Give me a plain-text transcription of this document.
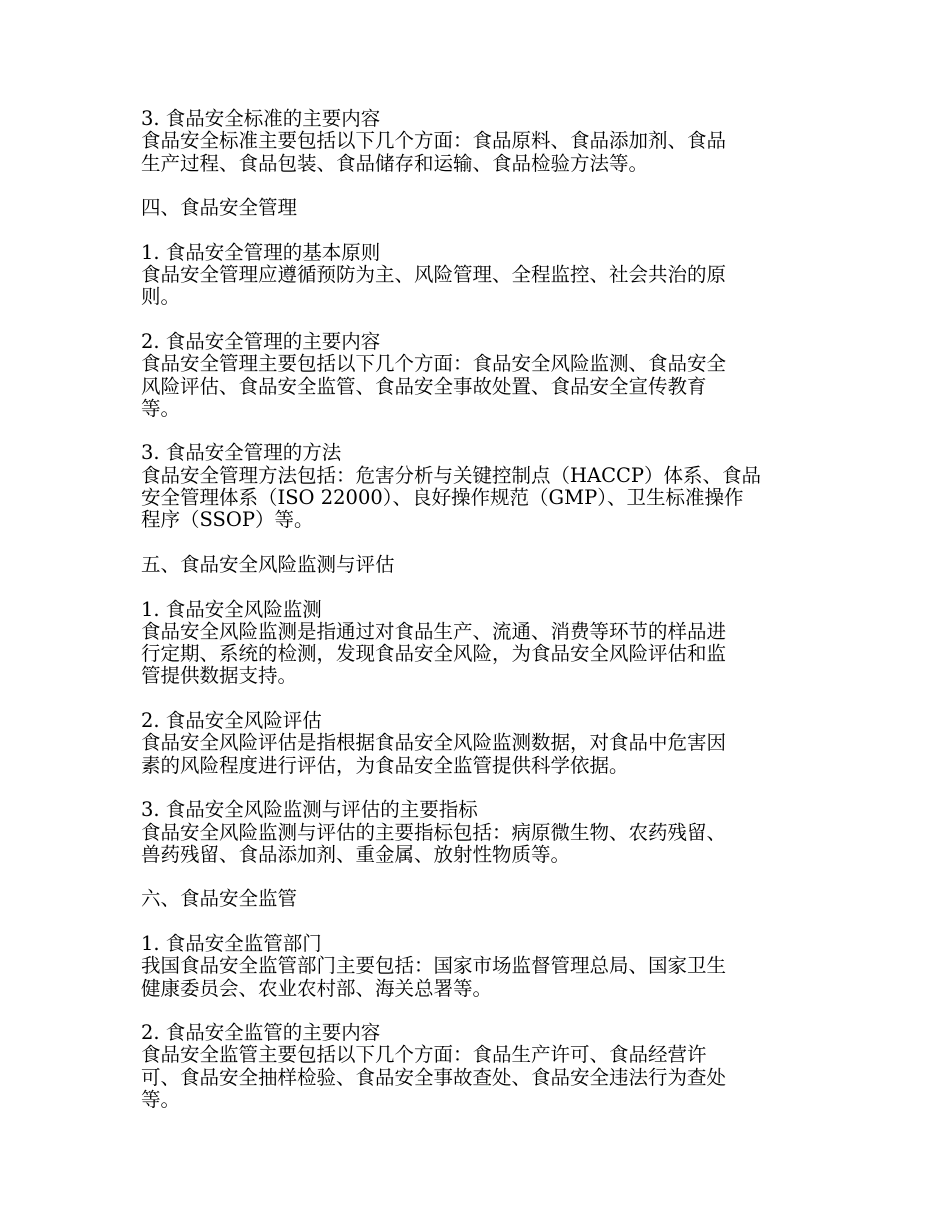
3. 食品安全标准的主要内容

食品安全标准主要包括以下几个方面：食品原料、食品添加剂、食品
生产过程、食品包装、食品储存和运输、食品检验方法等。

四、食品安全管理

1. 食品安全管理的基本原则

食品安全管理应遵循预防为主、风险管理、全程监控、社会共治的原
则。

2. 食品安全管理的主要内容

食品安全管理主要包括以下几个方面：食品安全风险监测、食品安全
风险评估、食品安全监管、食品安全事故处置、食品安全宣传教育
等。

3. 食品安全管理的方法

食品安全管理方法包括：危害分析与关键控制点（HACCP）体系、食品
安全管理体系（ISO 22000）、良好操作规范（GMP）、卫生标准操作
程序（SSOP）等。

五、食品安全风险监测与评估

1. 食品安全风险监测

食品安全风险监测是指通过对食品生产、流通、消费等环节的样品进
行定期、系统的检测，发现食品安全风险，为食品安全风险评估和监
管提供数据支持。

2. 食品安全风险评估

食品安全风险评估是指根据食品安全风险监测数据，对食品中危害因
素的风险程度进行评估，为食品安全监管提供科学依据。

3. 食品安全风险监测与评估的主要指标

食品安全风险监测与评估的主要指标包括：病原微生物、农药残留、
兽药残留、食品添加剂、重金属、放射性物质等。

六、食品安全监管

1. 食品安全监管部门

我国食品安全监管部门主要包括：国家市场监督管理总局、国家卫生
健康委员会、农业农村部、海关总署等。

2. 食品安全监管的主要内容

食品安全监管主要包括以下几个方面：食品生产许可、食品经营许
可、食品安全抽样检验、食品安全事故查处、食品安全违法行为查处
等。
